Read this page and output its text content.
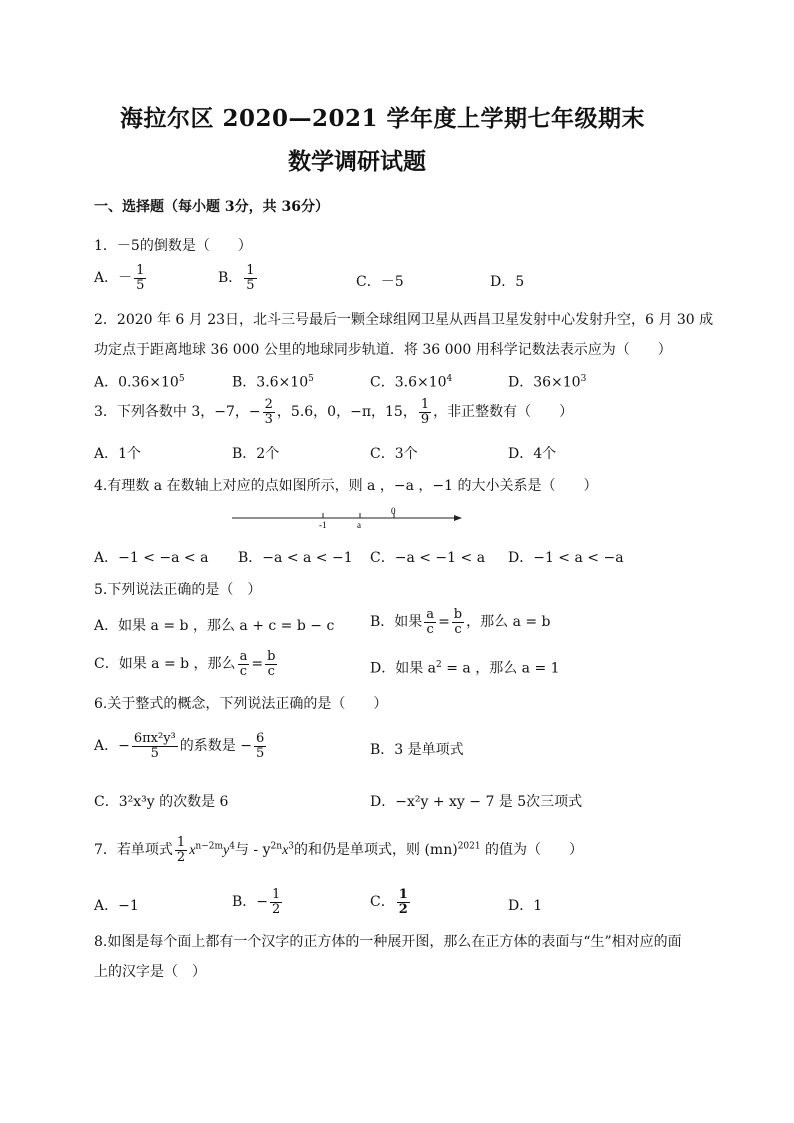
海拉尔区 2020—2021 学年度上学期七年级期末
数学调研试题
一、选择题（每小题 3分，共 36分）
1．－5的倒数是（　　）
A．－ $\frac{1}{5}$	B． $\frac{1}{5}$	C．－5	D．5
2．2020 年 6 月 23日，北斗三号最后一颗全球组网卫星从西昌卫星发射中心发射升空，6 月 30 成
功定点于距离地球 36 000 公里的地球同步轨道．将 36 000 用科学记数法表示应为（　　）
A．$0.36\times 10^5$	B．$3.6\times 10^5$	C．$3.6\times 10^4$	D．$36\times 10^3$
3．下列各数中 3，−7，− $\frac{2}{3}$ ，5.6，0，−π，15， $\frac{1}{9}$ ，非正整数有（　　）
A．1个	B．2个	C．3个	D．4个
4.有理数 a 在数轴上对应的点如图所示，则 a ，−a ，−1 的大小关系是（　　）
-1	a
0
A．−1 < −a < a B．−a < a < −1 C．−a < −1 < a D．−1 < a < −a
5.下列说法正确的是（　）
A．如果 a = b ，那么 a + c = b − c	B．如果 $\frac{a}{c} = \frac{b}{c}$ ，那么 a = b
C．如果 a = b ，那么 $\frac{a}{c} = \frac{b}{c}$	D．如果 $a^2 = a$ ，那么 a = 1
6.关于整式的概念，下列说法正确的是（　　）
A．− $\frac{\text{6πx²y³}}{5}$ 的系数是 − $\frac{6}{5}$	B．3 是单项式
C．3²x³y 的次数是 6	D．−x²y + xy − 7 是 5次三项式
7．若单项式 $\frac{1}{2} x^{n-2m}y^4$与 - $y^{2n}x^3$的和仍是单项式，则 (mn)$^{2021}$ 的值为（　　）
A．−1	B．− $\frac{1}{2}$	C． $\frac{1}{2}$	D．1
8.如图是每个面上都有一个汉字的正方体的一种展开图，那么在正方体的表面与“生”相对应的面
上的汉字是（　）
